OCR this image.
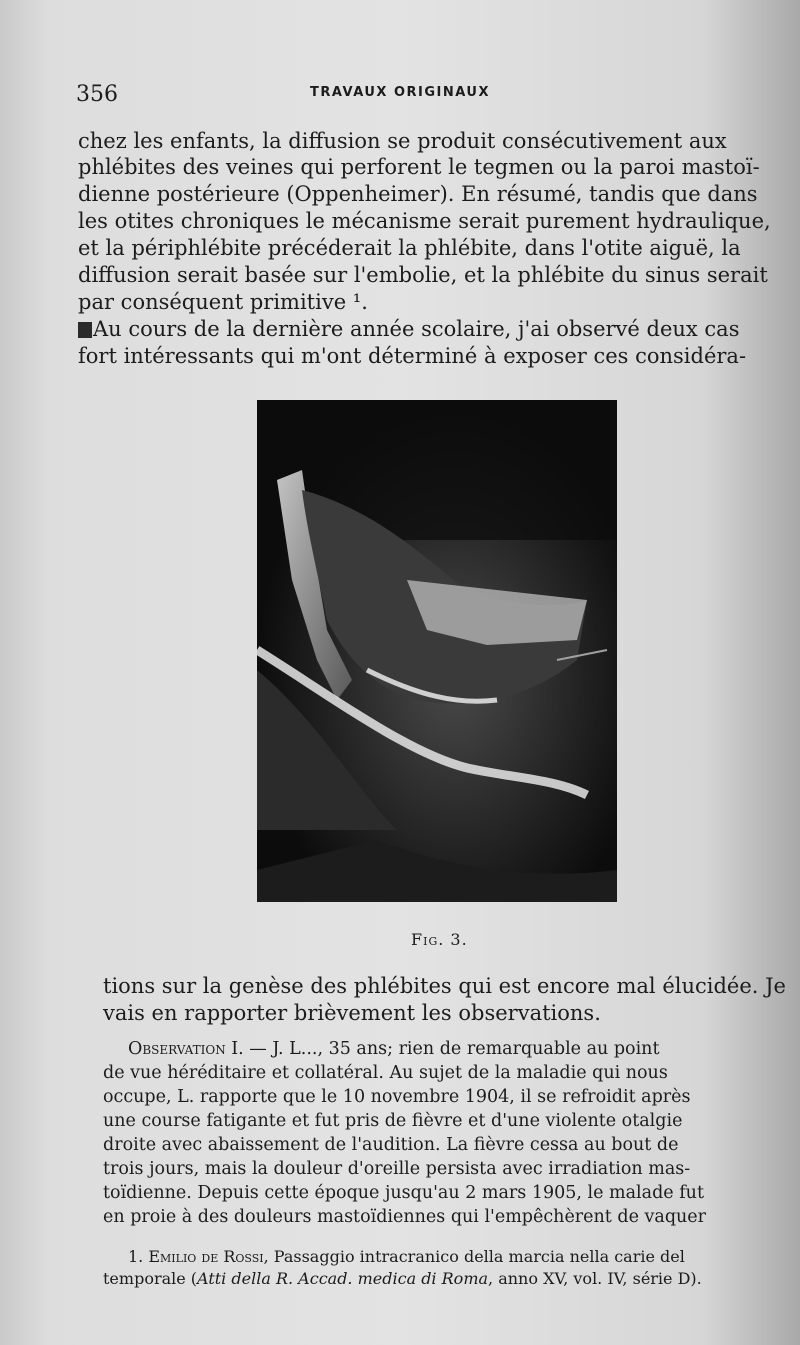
356	TRAVAUX ORIGINAUX
chez les enfants, la diffusion se produit consécutivement aux
phlébites des veines qui perforent le tegmen ou la paroi mastoï-
dienne postérieure (Oppenheimer). En résumé, tandis que dans
les otites chroniques le mécanisme serait purement hydraulique,
et la périphlébite précéderait la phlébite, dans l'otite aiguë, la
diffusion serait basée sur l'embolie, et la phlébite du sinus serait
par conséquent primitive ¹.
Au cours de la dernière année scolaire, j'ai observé deux cas
fort intéressants qui m'ont déterminé à exposer ces considéra-
Fig. 3.
tions sur la genèse des phlébites qui est encore mal élucidée. Je
vais en rapporter brièvement les observations.
Observation I. — J. L..., 35 ans; rien de remarquable au point
de vue héréditaire et collatéral. Au sujet de la maladie qui nous
occupe, L. rapporte que le 10 novembre 1904, il se refroidit après
une course fatigante et fut pris de fièvre et d'une violente otalgie
droite avec abaissement de l'audition. La fièvre cessa au bout de
trois jours, mais la douleur d'oreille persista avec irradiation mas-
toïdienne. Depuis cette époque jusqu'au 2 mars 1905, le malade fut
en proie à des douleurs mastoïdiennes qui l'empêchèrent de vaquer
1. Emilio de Rossi, Passaggio intracranico della marcia nella carie del
temporale (Atti della R. Accad. medica di Roma, anno XV, vol. IV, série D).
